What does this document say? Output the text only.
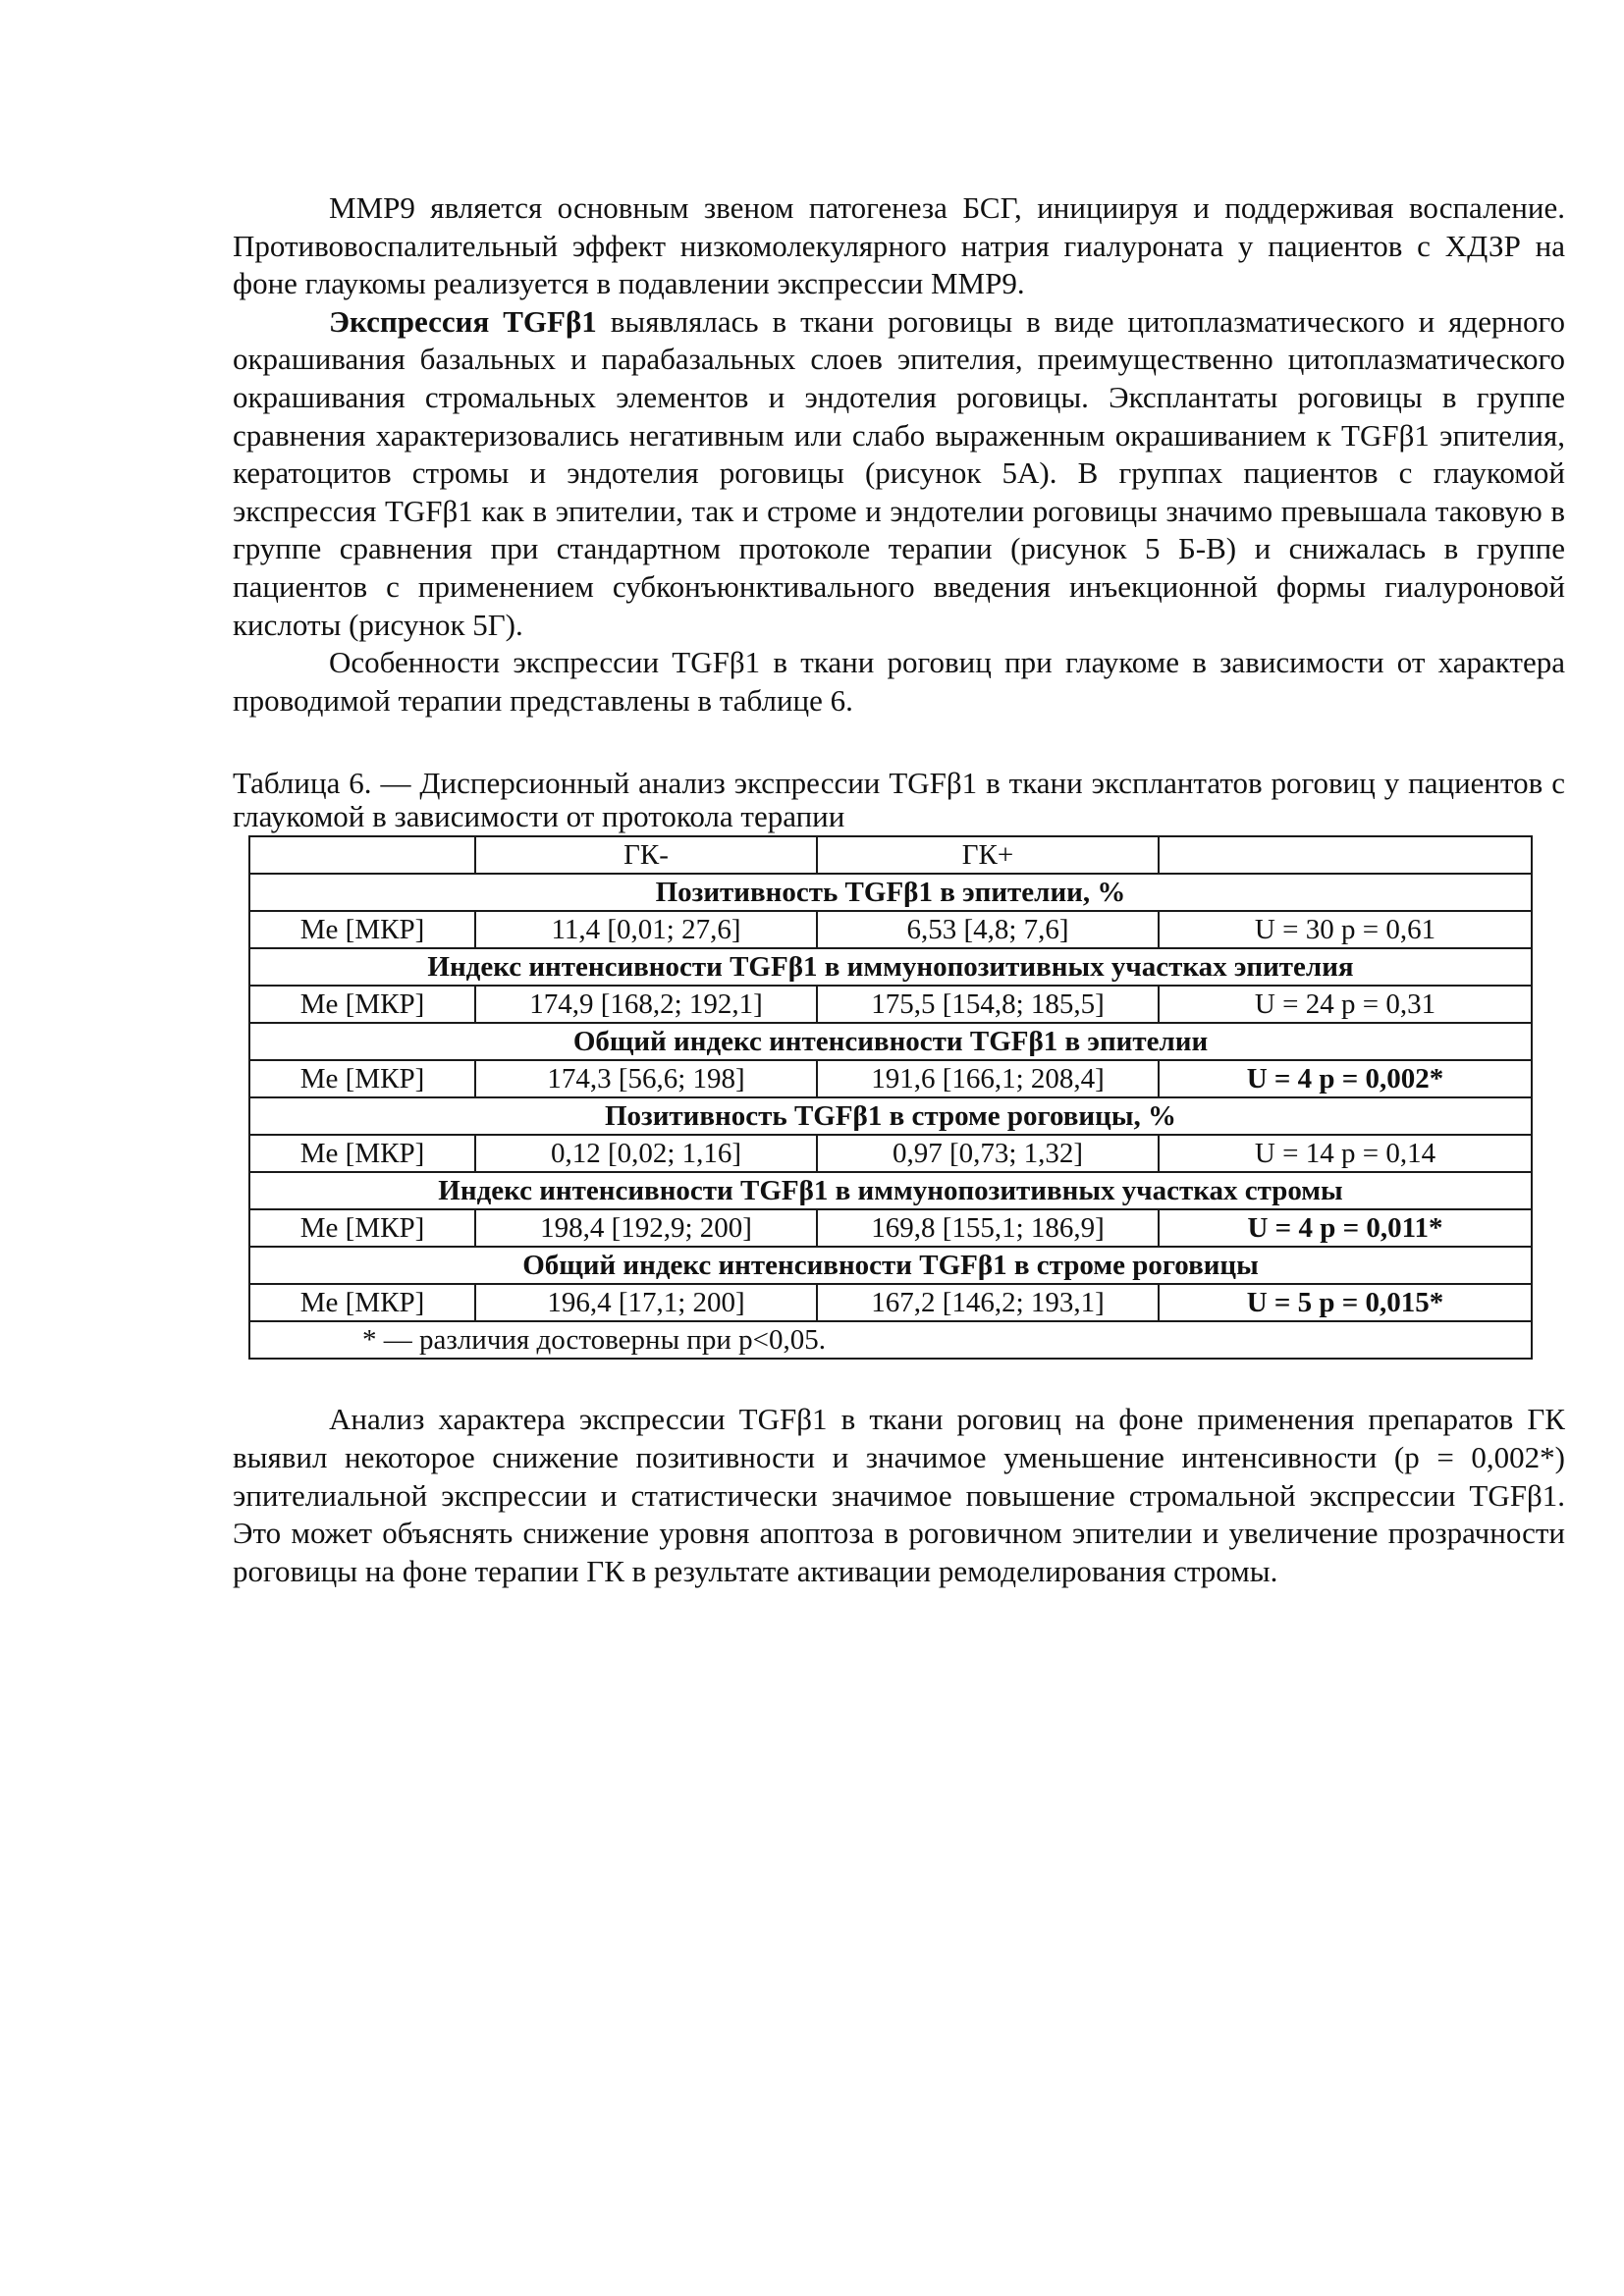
MMP9 является основным звеном патогенеза БСГ, инициируя и поддерживая воспаление. Противовоспалительный эффект низкомолекулярного натрия гиалуроната у пациентов с ХДЗР на фоне глаукомы реализуется в подавлении экспрессии MMP9.

Экспрессия TGFβ1 выявлялась в ткани роговицы в виде цитоплазматического и ядерного окрашивания базальных и парабазальных слоев эпителия, преимущественно цитоплазматического окрашивания стромальных элементов и эндотелия роговицы. Эксплантаты роговицы в группе сравнения характеризовались негативным или слабо выраженным окрашиванием к TGFβ1 эпителия, кератоцитов стромы и эндотелия роговицы (рисунок 5А). В группах пациентов с глаукомой экспрессия TGFβ1 как в эпителии, так и строме и эндотелии роговицы значимо превышала таковую в группе сравнения при стандартном протоколе терапии (рисунок 5 Б-В) и снижалась в группе пациентов с применением субконъюнктивального введения инъекционной формы гиалуроновой кислоты (рисунок 5Г).

Особенности экспрессии TGFβ1 в ткани роговиц при глаукоме в зависимости от характера проводимой терапии представлены в таблице 6.

Таблица 6. — Дисперсионный анализ экспрессии TGFβ1 в ткани эксплантатов роговиц у пациентов с глаукомой в зависимости от протокола терапии

	ГК-	ГК+	
Позитивность TGFβ1 в эпителии, %			
Me [МКР]	11,4 [0,01; 27,6]	6,53 [4,8; 7,6]	U = 30 p = 0,61
Индекс интенсивности TGFβ1 в иммунопозитивных участках эпителия			
Me [МКР]	174,9 [168,2; 192,1]	175,5 [154,8; 185,5]	U = 24 p = 0,31
Общий индекс интенсивности TGFβ1 в эпителии			
Me [МКР]	174,3 [56,6; 198]	191,6 [166,1; 208,4]	U = 4 p = 0,002*
Позитивность TGFβ1 в строме роговицы, %			
Me [МКР]	0,12 [0,02; 1,16]	0,97 [0,73; 1,32]	U = 14 p = 0,14
Индекс интенсивности TGFβ1 в иммунопозитивных участках стромы			
Me [МКР]	198,4 [192,9; 200]	169,8 [155,1; 186,9]	U = 4 p = 0,011*
Общий индекс интенсивности TGFβ1 в строме роговицы			
Me [МКР]	196,4 [17,1; 200]	167,2 [146,2; 193,1]	U = 5 p = 0,015*
* — различия достоверны при p<0,05.			

Анализ характера экспрессии TGFβ1 в ткани роговиц на фоне применения препаратов ГК выявил некоторое снижение позитивности и значимое уменьшение интенсивности (p = 0,002*) эпителиальной экспрессии и статистически значимое повышение стромальной экспрессии TGFβ1. Это может объяснять снижение уровня апоптоза в роговичном эпителии и увеличение прозрачности роговицы на фоне терапии ГК в результате активации ремоделирования стромы.
